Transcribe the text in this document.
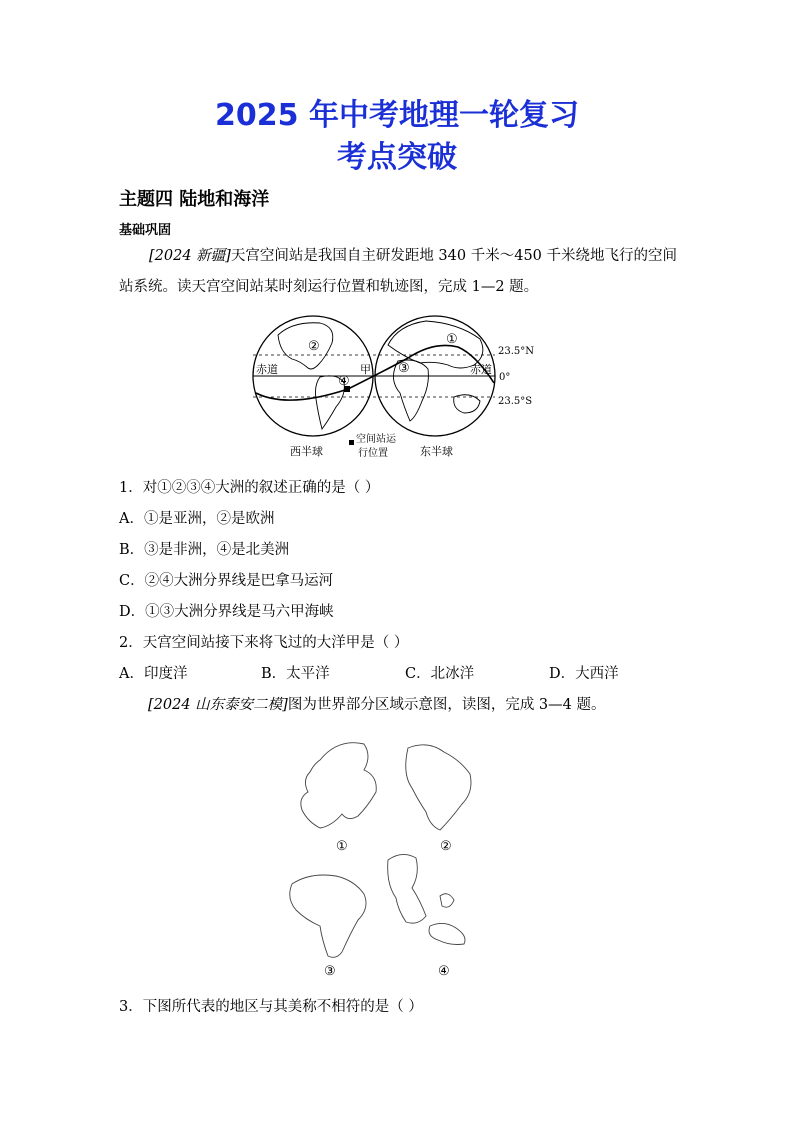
2025 年中考地理一轮复习
考点突破
主题四 陆地和海洋
基础巩固
[2024 新疆]天宫空间站是我国自主研发距地 340 千米～450 千米绕地飞行的空间站系统。读天宫空间站某时刻运行位置和轨迹图，完成 1—2 题。
赤道	赤道
甲
①
②
③
④
23.5°N
0°
23.5°S
西半球	东半球
空间站运
行位置
1．对①②③④大洲的叙述正确的是（ ）
A．①是亚洲，②是欧洲
B．③是非洲，④是北美洲
C．②④大洲分界线是巴拿马运河
D．①③大洲分界线是马六甲海峡
2．天宫空间站接下来将飞过的大洋甲是（ ）
A．印度洋	B．太平洋	C．北冰洋	D．大西洋
[2024 山东泰安二模]图为世界部分区域示意图，读图，完成 3—4 题。
①	②
③	④
3．下图所代表的地区与其美称不相符的是（ ）
